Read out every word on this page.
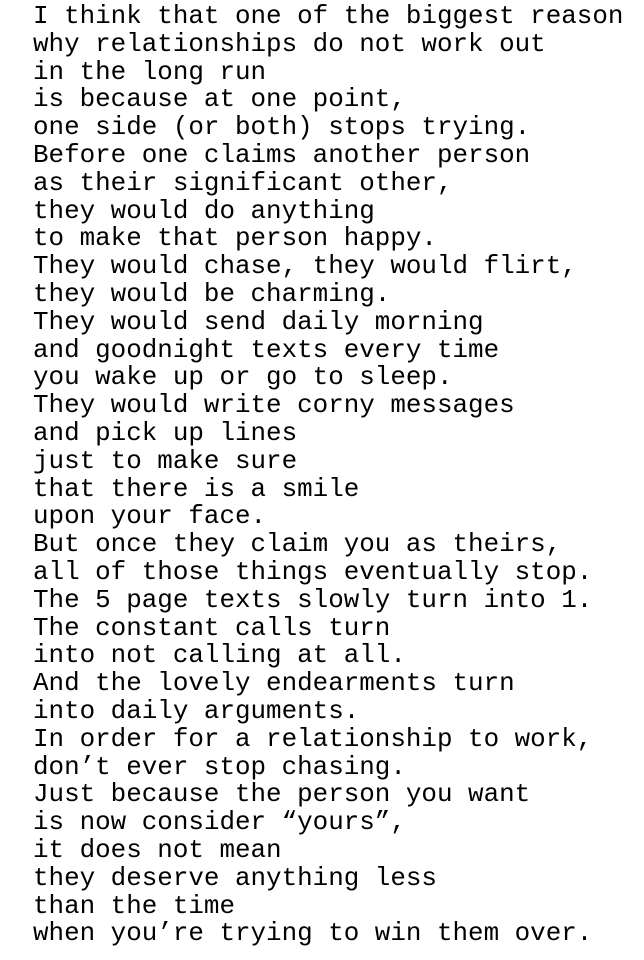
I think that one of the biggest reason
why relationships do not work out
in the long run
is because at one point,
one side (or both) stops trying.
Before one claims another person
as their significant other,
they would do anything
to make that person happy.
They would chase, they would flirt,
they would be charming.
They would send daily morning
and goodnight texts every time
you wake up or go to sleep.
They would write corny messages
and pick up lines
just to make sure
that there is a smile
upon your face.
But once they claim you as theirs,
all of those things eventually stop.
The 5 page texts slowly turn into 1.
The constant calls turn
into not calling at all.
And the lovely endearments turn
into daily arguments.
In order for a relationship to work,
don’t ever stop chasing.
Just because the person you want
is now consider “yours”,
it does not mean
they deserve anything less
than the time
when you’re trying to win them over.
